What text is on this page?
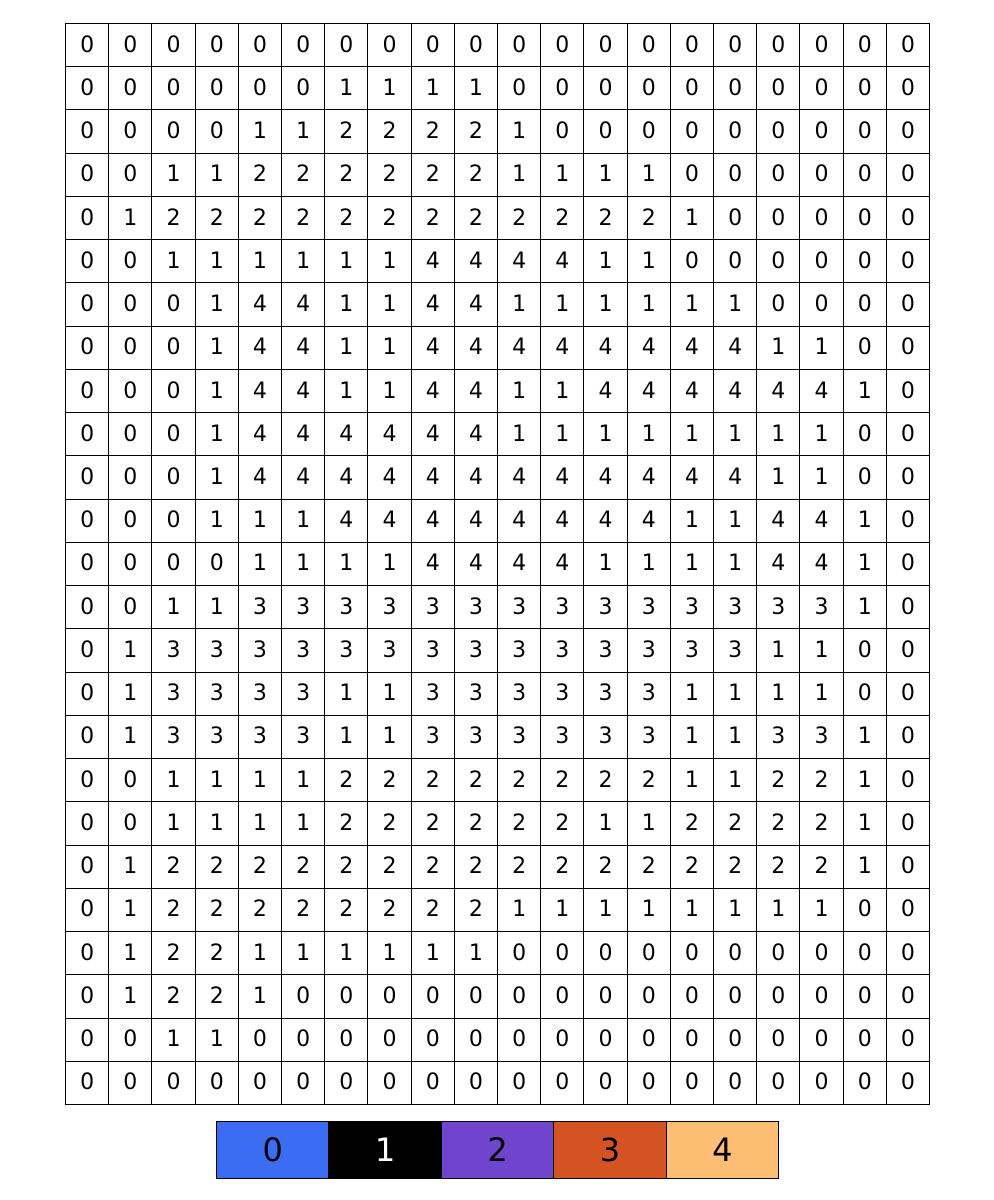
0	0	0	0	0	0	0	0	0	0	0	0	0	0	0	0	0	0	0	0
0	0	0	0	0	0	1	1	1	1	0	0	0	0	0	0	0	0	0	0
0	0	0	0	1	1	2	2	2	2	1	0	0	0	0	0	0	0	0	0
0	0	1	1	2	2	2	2	2	2	1	1	1	1	0	0	0	0	0	0
0	1	2	2	2	2	2	2	2	2	2	2	2	2	1	0	0	0	0	0
0	0	1	1	1	1	1	1	4	4	4	4	1	1	0	0	0	0	0	0
0	0	0	1	4	4	1	1	4	4	1	1	1	1	1	1	0	0	0	0
0	0	0	1	4	4	1	1	4	4	4	4	4	4	4	4	1	1	0	0
0	0	0	1	4	4	1	1	4	4	1	1	4	4	4	4	4	4	1	0
0	0	0	1	4	4	4	4	4	4	1	1	1	1	1	1	1	1	0	0
0	0	0	1	4	4	4	4	4	4	4	4	4	4	4	4	1	1	0	0
0	0	0	1	1	1	4	4	4	4	4	4	4	4	1	1	4	4	1	0
0	0	0	0	1	1	1	1	4	4	4	4	1	1	1	1	4	4	1	0
0	0	1	1	3	3	3	3	3	3	3	3	3	3	3	3	3	3	1	0
0	1	3	3	3	3	3	3	3	3	3	3	3	3	3	3	1	1	0	0
0	1	3	3	3	3	1	1	3	3	3	3	3	3	1	1	1	1	0	0
0	1	3	3	3	3	1	1	3	3	3	3	3	3	1	1	3	3	1	0
0	0	1	1	1	1	2	2	2	2	2	2	2	2	1	1	2	2	1	0
0	0	1	1	1	1	2	2	2	2	2	2	1	1	2	2	2	2	1	0
0	1	2	2	2	2	2	2	2	2	2	2	2	2	2	2	2	2	1	0
0	1	2	2	2	2	2	2	2	2	1	1	1	1	1	1	1	1	0	0
0	1	2	2	1	1	1	1	1	1	0	0	0	0	0	0	0	0	0	0
0	1	2	2	1	0	0	0	0	0	0	0	0	0	0	0	0	0	0	0
0	0	1	1	0	0	0	0	0	0	0	0	0	0	0	0	0	0	0	0
0	0	0	0	0	0	0	0	0	0	0	0	0	0	0	0	0	0	0	0
0	1	2	3	4
